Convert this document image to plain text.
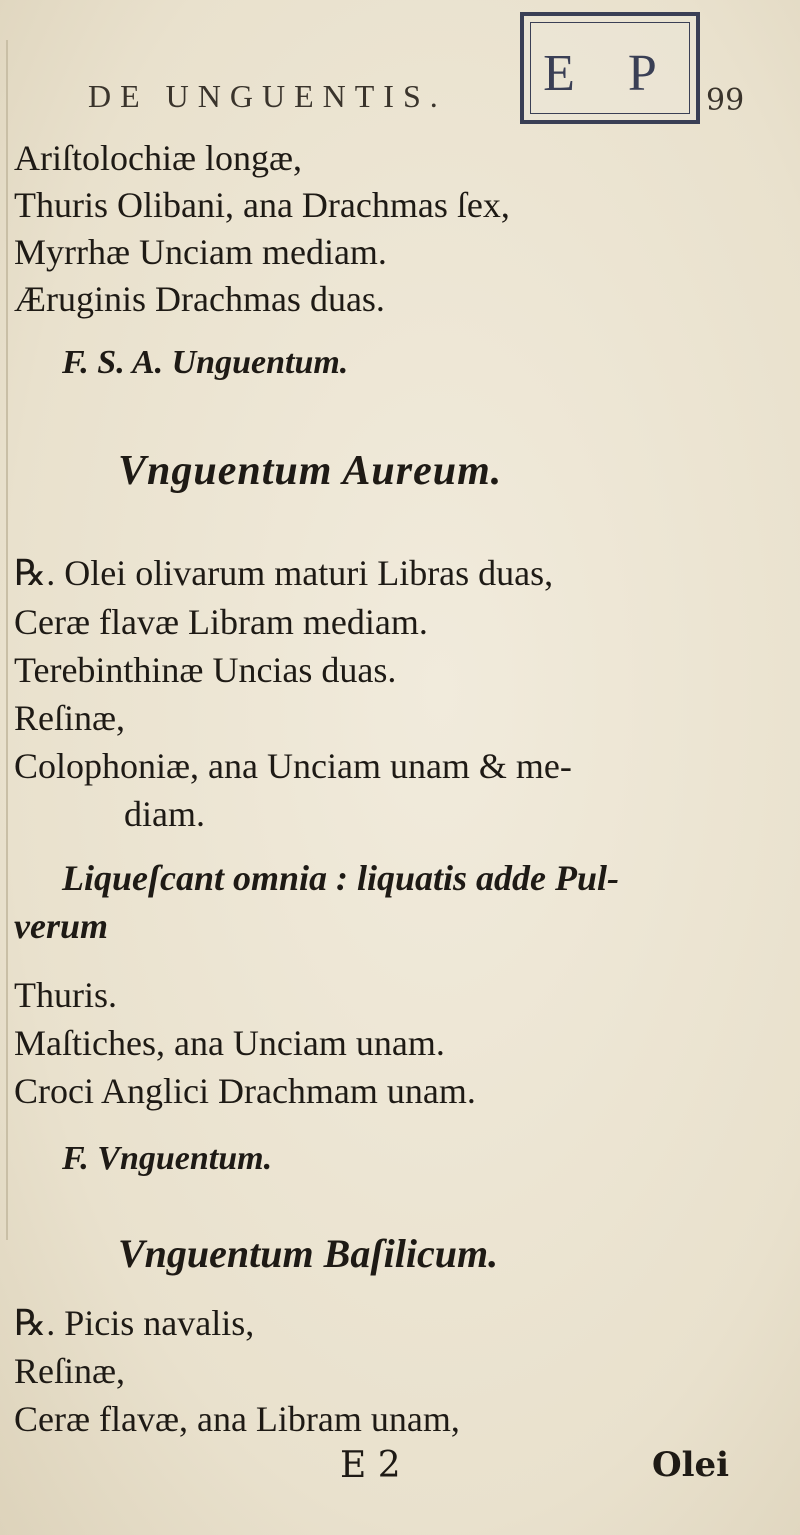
DE UNGUENTIS.	99
E P
Ariſtolochiæ longæ,
Thuris Olibani, ana Drachmas ſex,
Myrrhæ Unciam mediam.
Æruginis Drachmas duas.
F. S. A. Unguentum.
Vnguentum Aureum.
℞. Olei olivarum maturi Libras duas,
Ceræ flavæ Libram mediam.
Terebinthinæ Uncias duas.
Reſinæ,
Colophoniæ, ana Unciam unam & me-
diam.
Liqueſcant omnia : liquatis adde Pul-
verum
Thuris.
Maſtiches, ana Unciam unam.
Croci Anglici Drachmam unam.
F. Vnguentum.
Vnguentum Baſilicum.
℞. Picis navalis,
Reſinæ,
Ceræ flavæ, ana Libram unam,
E 2	Olei
